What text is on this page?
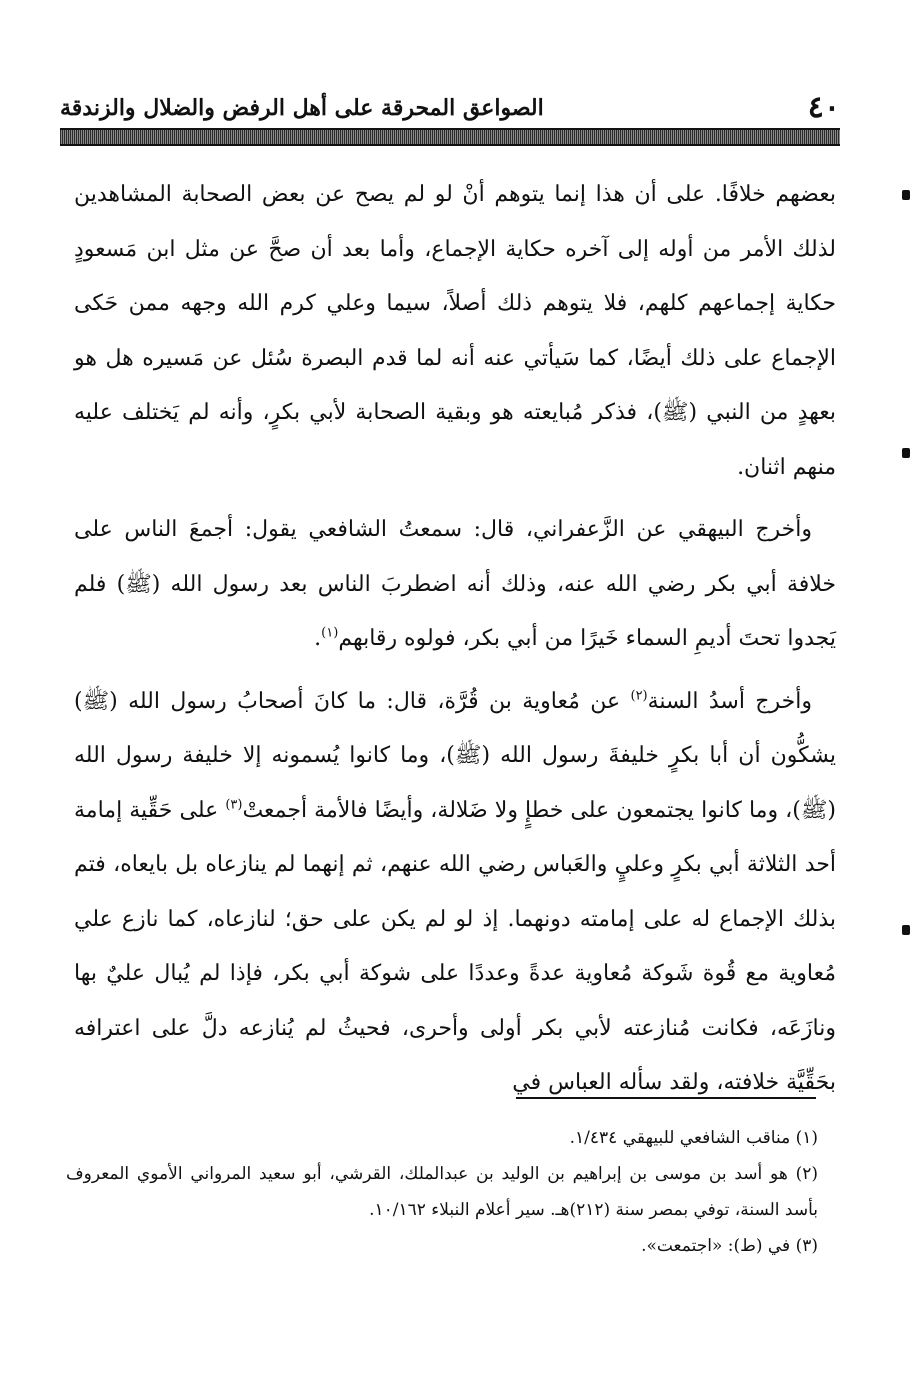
٤٠
الصواعق المحرقة على أهل الرفض والضلال والزندقة

بعضهم خلافًا. على أن هذا إنما يتوهم أنْ لو لم يصح عن بعض الصحابة المشاهدين لذلك الأمر من أوله إلى آخره حكاية الإجماع، وأما بعد أن صحَّ عن مثل ابن مَسعودٍ حكاية إجماعهم كلهم، فلا يتوهم ذلك أصلاً، سيما وعلي كرم الله وجهه ممن حَكى الإجماع على ذلك أيضًا، كما سَيأتي عنه أنه لما قدم البصرة سُئل عن مَسيره هل هو بعهدٍ من النبي (ﷺ)، فذكر مُبايعته هو وبقية الصحابة لأبي بكرٍ، وأنه لم يَختلف عليه منهم اثنان.

وأخرج البيهقي عن الزَّعفراني، قال: سمعتُ الشافعي يقول: أجمعَ الناس على خلافة أبي بكر رضي الله عنه، وذلك أنه اضطربَ الناس بعد رسول الله (ﷺ) فلم يَجدوا تحتَ أديمِ السماء خَيرًا من أبي بكر، فولوه رقابهم$^{(١)}$.

وأخرج أسدُ السنة$^{(٢)}$ عن مُعاوية بن قُرَّة، قال: ما كانَ أصحابُ رسول الله (ﷺ) يشكُّون أن أبا بكرٍ خليفةَ رسول الله (ﷺ)، وما كانوا يُسمونه إلا خليفة رسول الله (ﷺ)، وما كانوا يجتمعون على خطإٍ ولا ضَلالة، وأيضًا فالأمة أجمعتْ$^{(٣)}$ على حَقِّية إمامة أحد الثلاثة أبي بكرٍ وعليٍ والعَباس رضي الله عنهم، ثم إنهما لم ينازعاه بل بايعاه، فتم بذلك الإجماع له على إمامته دونهما. إذ لو لم يكن على حق؛ لنازعاه، كما نازع علي مُعاوية مع قُوة شَوكة مُعاوية عدةً وعددًا على شوكة أبي بكر، فإذا لم يُبال عليٌ بها ونازَعَه، فكانت مُنازعته لأبي بكر أولى وأحرى، فحيثُ لم يُنازعه دلَّ على اعترافه بحَقِّيَّة خلافته، ولقد سأله العباس في

(١) مناقب الشافعي للبيهقي ١/٤٣٤.

(٢) هو أسد بن موسى بن إبراهيم بن الوليد بن عبدالملك، القرشي، أبو سعيد المرواني الأموي المعروف بأسد السنة، توفي بمصر سنة (٢١٢)هـ. سير أعلام النبلاء ١٠/١٦٢.

(٣) في (ط): «اجتمعت».
